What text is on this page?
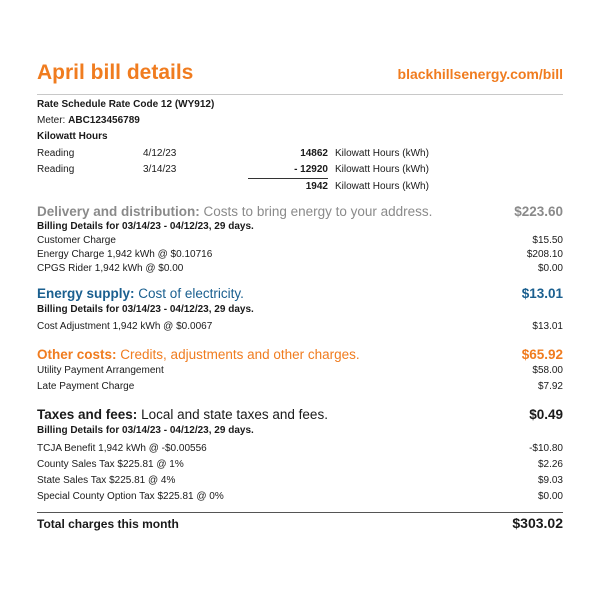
April bill details	blackhillsenergy.com/bill
Rate Schedule Rate Code 12 (WY912)
Meter: ABC123456789
Kilowatt Hours
Reading	4/12/23	14862 Kilowatt Hours (kWh)
Reading	3/14/23	- 12920 Kilowatt Hours (kWh)
1942 Kilowatt Hours (kWh)
Delivery and distribution: Costs to bring energy to your address.	$223.60
Billing Details for 03/14/23 - 04/12/23, 29 days.
Customer Charge	$15.50
Energy Charge 1,942 kWh @ $0.10716	$208.10
CPGS Rider 1,942 kWh @ $0.00	$0.00
Energy supply: Cost of electricity.	$13.01
Billing Details for 03/14/23 - 04/12/23, 29 days.
Cost Adjustment 1,942 kWh @ $0.0067	$13.01
Other costs: Credits, adjustments and other charges.	$65.92
Utility Payment Arrangement	$58.00
Late Payment Charge	$7.92
Taxes and fees: Local and state taxes and fees.	$0.49
Billing Details for 03/14/23 - 04/12/23, 29 days.
TCJA Benefit 1,942 kWh @ -$0.00556	-$10.80
County Sales Tax $225.81 @ 1%	$2.26
State Sales Tax $225.81 @ 4%	$9.03
Special County Option Tax $225.81 @ 0%	$0.00
Total charges this month	$303.02
